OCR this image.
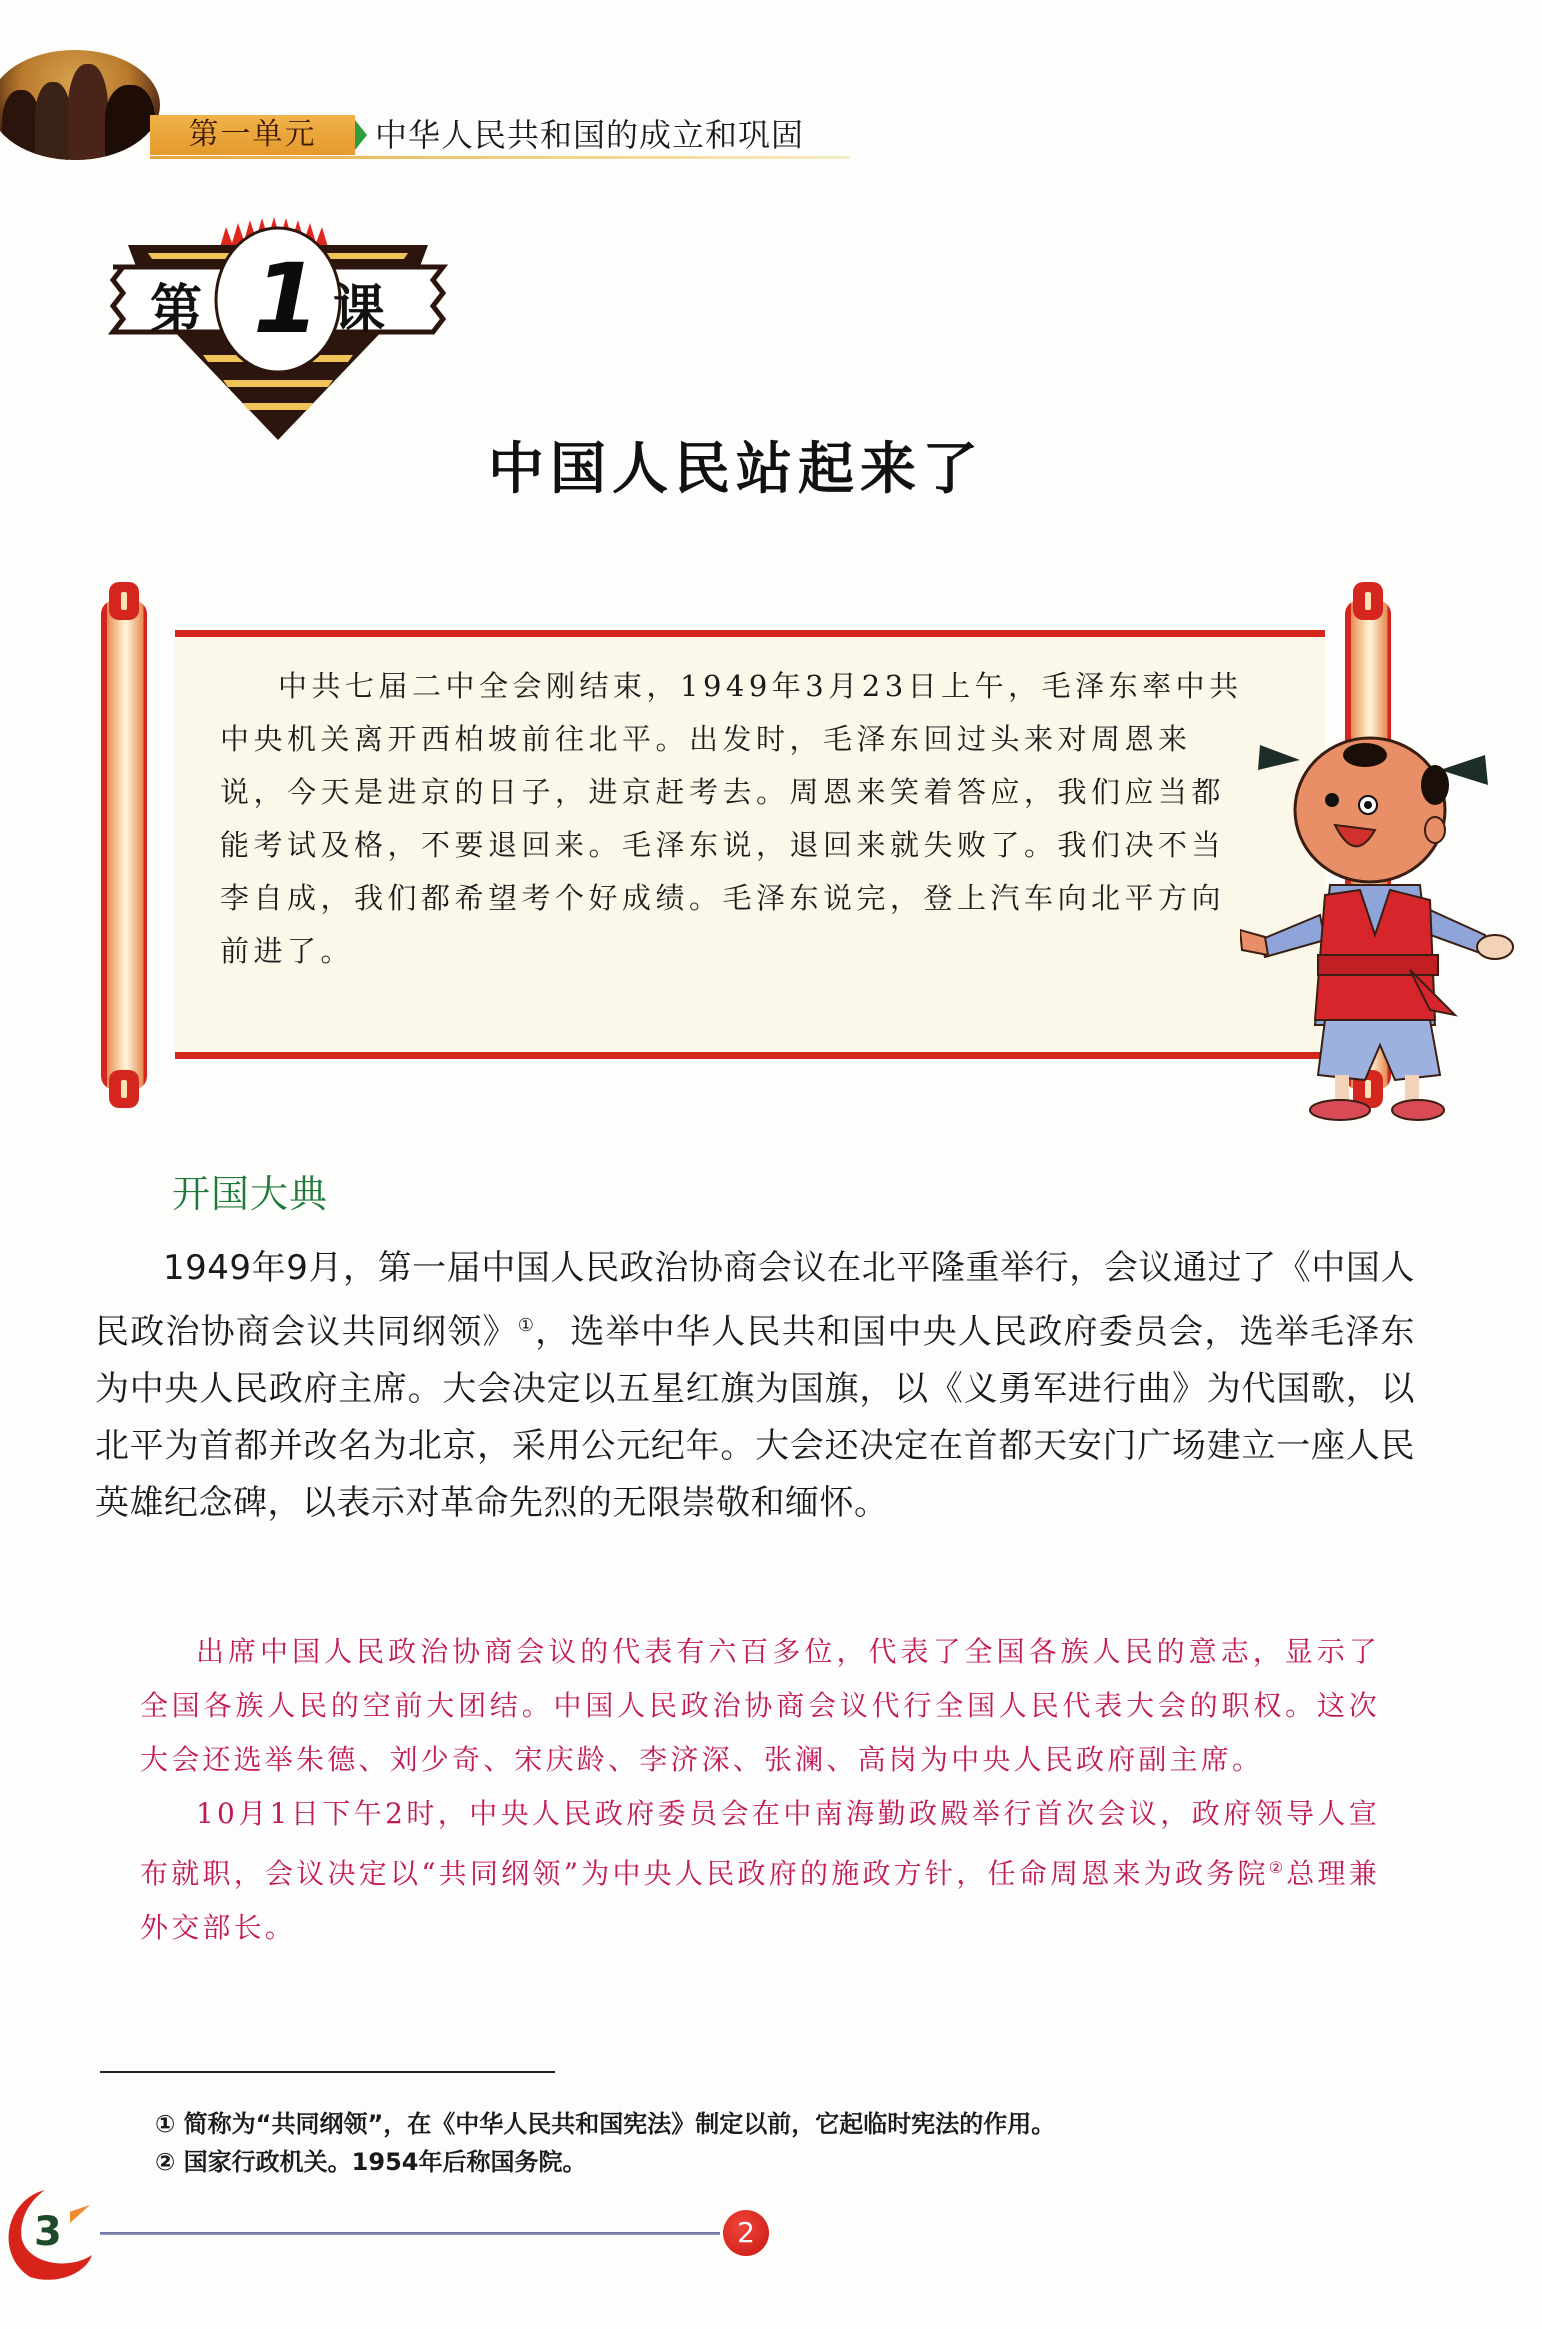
第一单元	中华人民共和国的成立和巩固
第 1 课
中国人民站起来了

中共七届二中全会刚结束，1949年3月23日上午，毛泽东率中共中央机关离开西柏坡前往北平。出发时，毛泽东回过头来对周恩来说，今天是进京的日子，进京赶考去。周恩来笑着答应，我们应当都能考试及格，不要退回来。毛泽东说，退回来就失败了。我们决不当李自成，我们都希望考个好成绩。毛泽东说完，登上汽车向北平方向前进了。

开国大典

1949年9月，第一届中国人民政治协商会议在北平隆重举行，会议通过了《中国人民政治协商会议共同纲领》①，选举中华人民共和国中央人民政府委员会，选举毛泽东为中央人民政府主席。大会决定以五星红旗为国旗，以《义勇军进行曲》为代国歌，以北平为首都并改名为北京，采用公元纪年。大会还决定在首都天安门广场建立一座人民英雄纪念碑，以表示对革命先烈的无限崇敬和缅怀。

出席中国人民政治协商会议的代表有六百多位，代表了全国各族人民的意志，显示了全国各族人民的空前大团结。中国人民政治协商会议代行全国人民代表大会的职权。这次大会还选举朱德、刘少奇、宋庆龄、李济深、张澜、高岗为中央人民政府副主席。

10月1日下午2时，中央人民政府委员会在中南海勤政殿举行首次会议，政府领导人宣布就职，会议决定以“共同纲领”为中央人民政府的施政方针，任命周恩来为政务院②总理兼外交部长。

① 简称为“共同纲领”，在《中华人民共和国宪法》制定以前，它起临时宪法的作用。
② 国家行政机关。1954年后称国务院。
3	2
